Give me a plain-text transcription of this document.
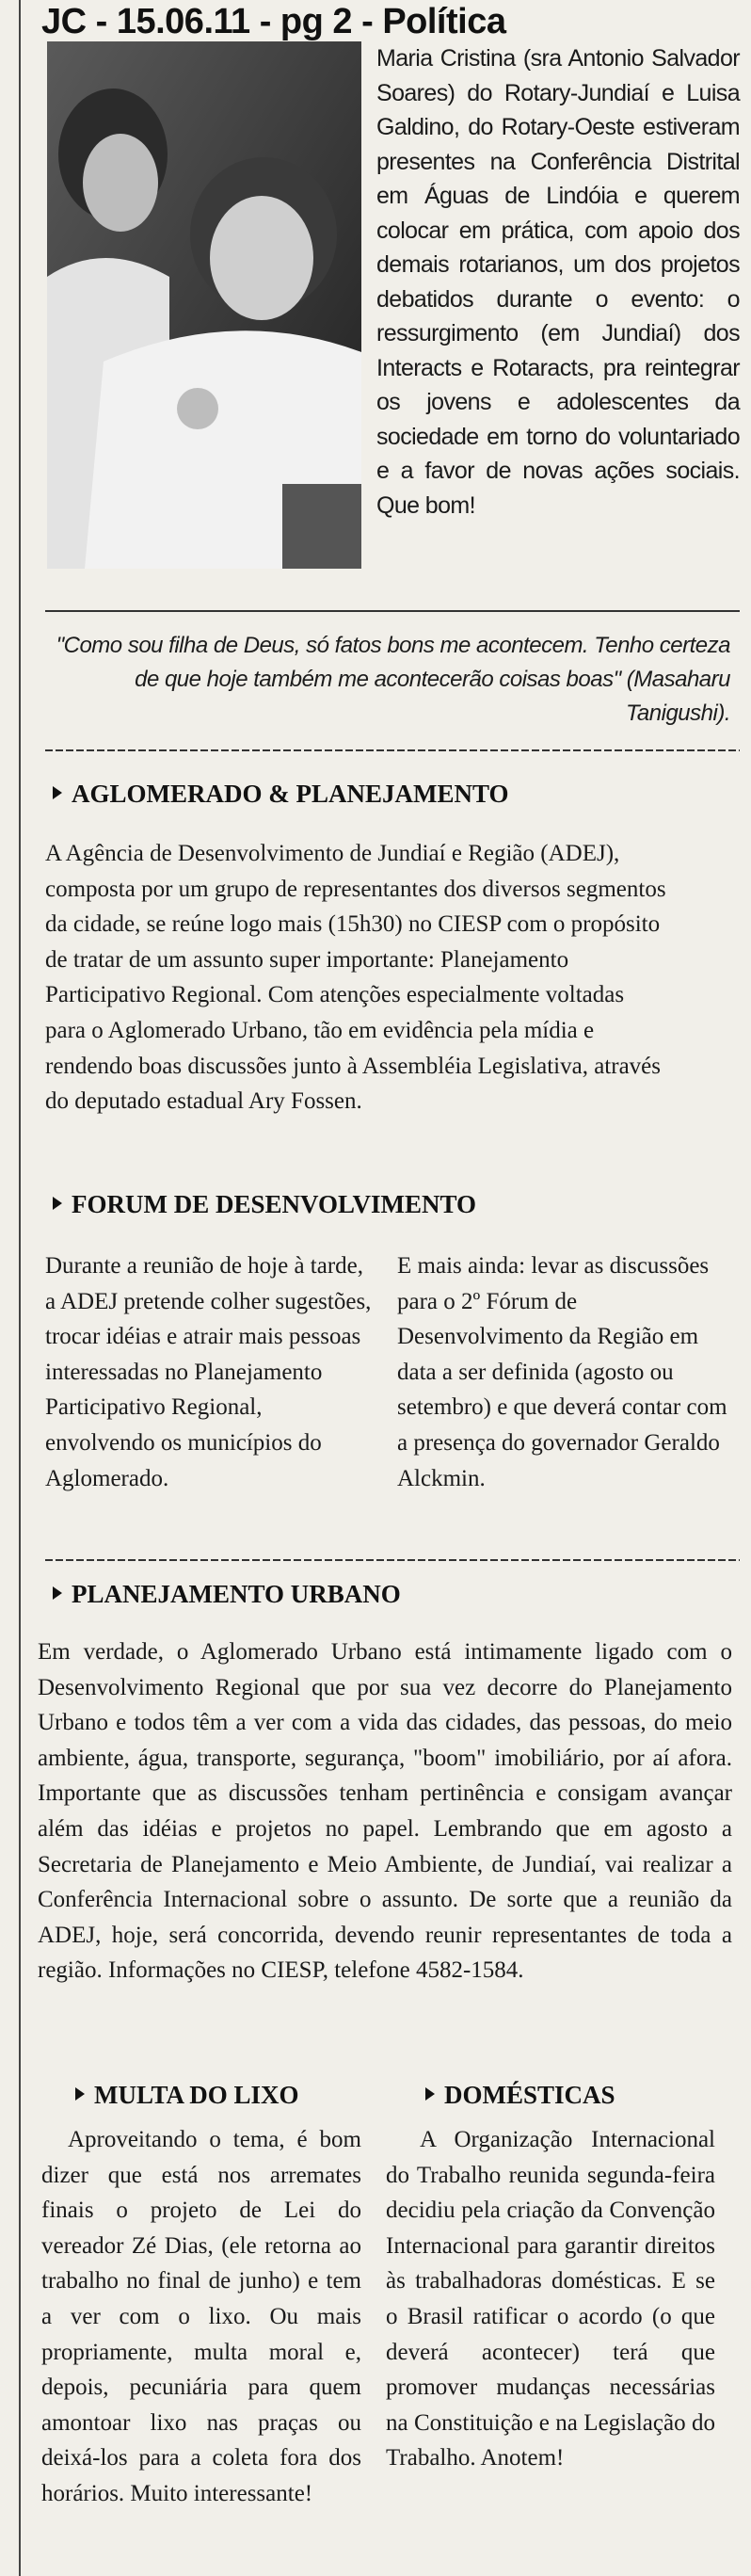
JC - 15.06.11 - pg 2 - Política
Maria Cristina (sra Antonio Salvador Soares) do Rotary-Jundiaí e Luisa Galdino, do Rotary-Oeste estiveram presentes na Conferência Distrital em Águas de Lindóia e querem colocar em prática, com apoio dos demais rotarianos, um dos projetos debatidos durante o evento: o ressurgimento (em Jundiaí) dos Interacts e Rotaracts, pra reintegrar os jovens e adolescentes da sociedade em torno do voluntariado e a favor de novas ações sociais. Que bom!
"Como sou filha de Deus, só fatos bons me acontecem. Tenho certeza de que hoje também me acontecerão coisas boas" (Masaharu Tanigushi).
AGLOMERADO & PLANEJAMENTO
A Agência de Desenvolvimento de Jundiaí e Região (ADEJ), composta por um grupo de representantes dos diversos segmentos da cidade, se reúne logo mais (15h30) no CIESP com o propósito de tratar de um assunto super importante: Planejamento Participativo Regional. Com atenções especialmente voltadas para o Aglomerado Urbano, tão em evidência pela mídia e rendendo boas discussões junto à Assembléia Legislativa, através do deputado estadual Ary Fossen.
FORUM DE DESENVOLVIMENTO
Durante a reunião de hoje à tarde, a ADEJ pretende colher sugestões, trocar idéias e atrair mais pessoas interessadas no Planejamento Participativo Regional, envolvendo os municípios do Aglomerado.
E mais ainda: levar as discussões para o 2º Fórum de Desenvolvimento da Região em data a ser definida (agosto ou setembro) e que deverá contar com a presença do governador Geraldo Alckmin.
PLANEJAMENTO URBANO
Em verdade, o Aglomerado Urbano está intimamente ligado com o Desenvolvimento Regional que por sua vez decorre do Planejamento Urbano e todos têm a ver com a vida das cidades, das pessoas, do meio ambiente, água, transporte, segurança, "boom" imobiliário, por aí afora. Importante que as discussões tenham pertinência e consigam avançar além das idéias e projetos no papel. Lembrando que em agosto a Secretaria de Planejamento e Meio Ambiente, de Jundiaí, vai realizar a Conferência Internacional sobre o assunto. De sorte que a reunião da ADEJ, hoje, será concorrida, devendo reunir representantes de toda a região. Informações no CIESP, telefone 4582-1584.
MULTA DO LIXO
Aproveitando o tema, é bom dizer que está nos arremates finais o projeto de Lei do vereador Zé Dias, (ele retorna ao trabalho no final de junho) e tem a ver com o lixo. Ou mais propriamente, multa moral e, depois, pecuniária para quem amontoar lixo nas praças ou deixá-los para a coleta fora dos horários. Muito interessante!
DOMÉSTICAS
A Organização Internacional do Trabalho reunida segunda-feira decidiu pela criação da Convenção Internacional para garantir direitos às trabalhadoras domésticas. E se o Brasil ratificar o acordo (o que deverá acontecer) terá que promover mudanças necessárias na Constituição e na Legislação do Trabalho. Anotem!
